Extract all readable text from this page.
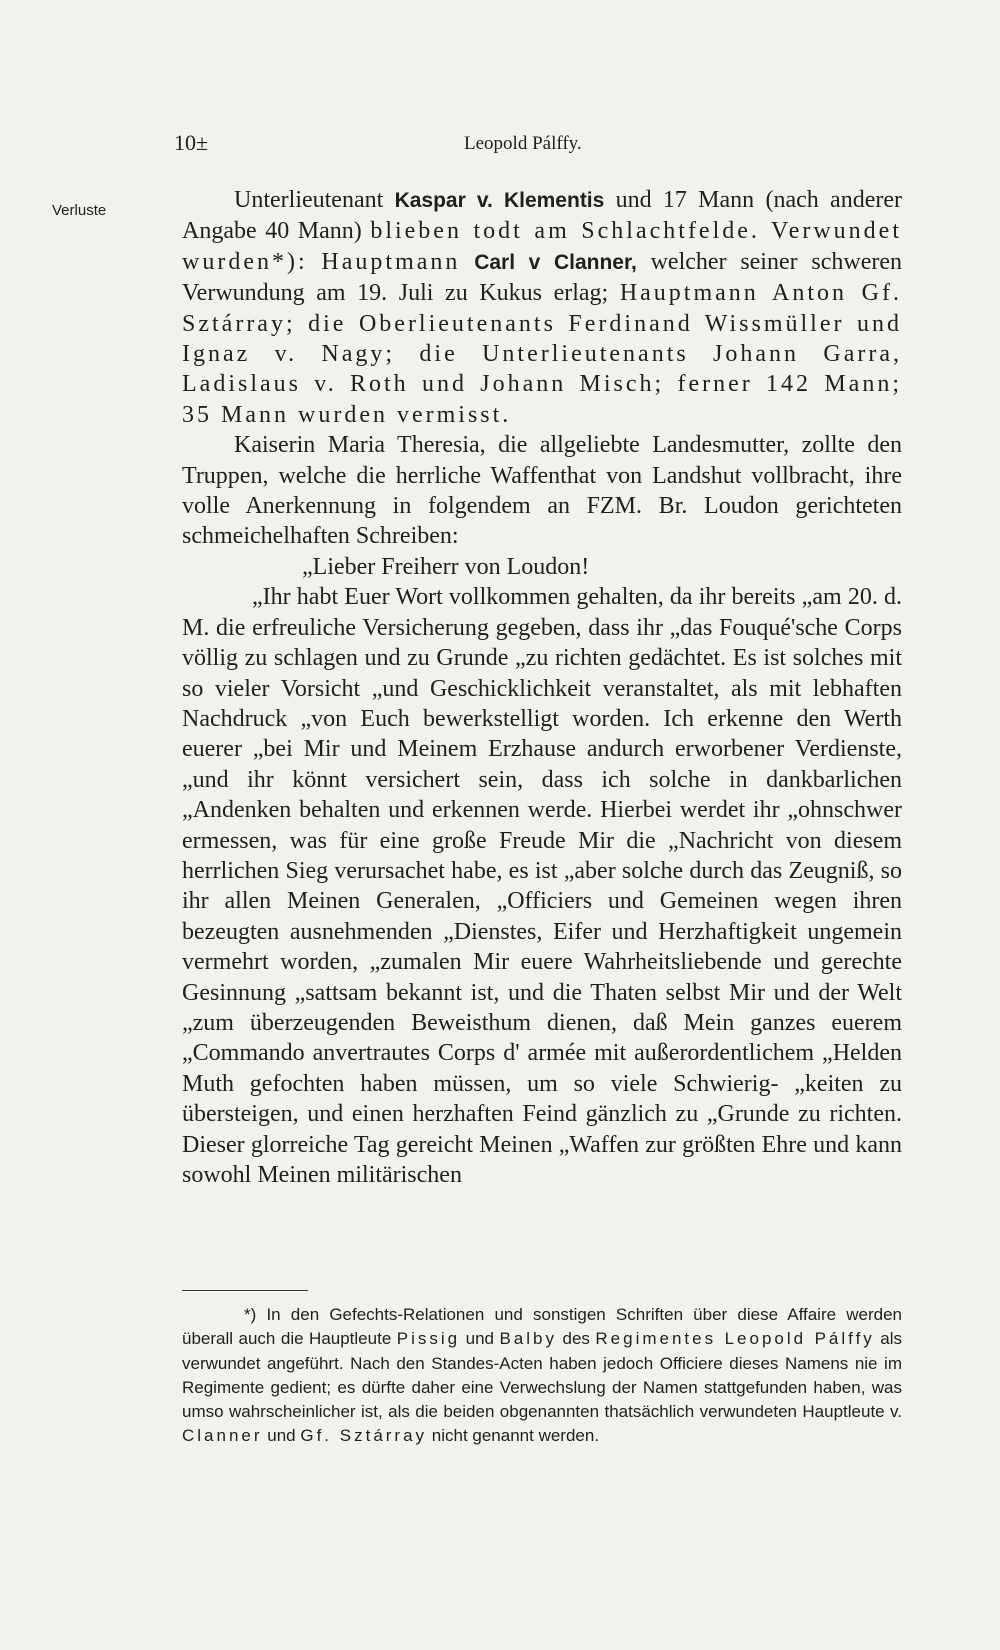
10±	Leopold Pálffy.
Verluste	Unterlieutenant Kaspar v. Klementis und 17 Mann (nach anderer Angabe 40 Mann) blieben todt am Schlachtfelde. Verwundet wurden*): Hauptmann Carl v Clanner, welcher seiner schweren Verwundung am 19. Juli zu Kukus erlag; Hauptmann Anton Gf. Sztárray; die Oberlieutenants Ferdinand Wissmüller und Ignaz v. Nagy; die Unterlieutenants Johann Garra, Ladislaus v. Roth und Johann Misch; ferner 142 Mann; 35 Mann wurden vermisst.

Kaiserin Maria Theresia, die allgeliebte Landesmutter, zollte den Truppen, welche die herrliche Waffenthat von Landshut vollbracht, ihre volle Anerkennung in folgendem an FZM. Br. Loudon gerichteten schmeichelhaften Schreiben:

„Lieber Freiherr von Loudon!

„Ihr habt Euer Wort vollkommen gehalten, da ihr bereits „am 20. d. M. die erfreuliche Versicherung gegeben, dass ihr „das Fouqué'sche Corps völlig zu schlagen und zu Grunde „zu richten gedächtet. Es ist solches mit so vieler Vorsicht „und Geschicklichkeit veranstaltet, als mit lebhaften Nachdruck „von Euch bewerkstelligt worden. Ich erkenne den Werth euerer „bei Mir und Meinem Erzhause andurch erworbener Verdienste, „und ihr könnt versichert sein, dass ich solche in dankbarlichen „Andenken behalten und erkennen werde. Hierbei werdet ihr „ohnschwer ermessen, was für eine große Freude Mir die „Nachricht von diesem herrlichen Sieg verursachet habe, es ist „aber solche durch das Zeugniß, so ihr allen Meinen Generalen, „Officiers und Gemeinen wegen ihren bezeugten ausnehmenden „Dienstes, Eifer und Herzhaftigkeit ungemein vermehrt worden, „zumalen Mir euere Wahrheitsliebende und gerechte Gesinnung „sattsam bekannt ist, und die Thaten selbst Mir und der Welt „zum überzeugenden Beweisthum dienen, daß Mein ganzes euerem „Commando anvertrautes Corps d' armée mit außerordentlichem „Helden Muth gefochten haben müssen, um so viele Schwierig- „keiten zu übersteigen, und einen herzhaften Feind gänzlich zu „Grunde zu richten. Dieser glorreiche Tag gereicht Meinen „Waffen zur größten Ehre und kann sowohl Meinen militärischen

*) In den Gefechts-Relationen und sonstigen Schriften über diese Affaire werden überall auch die Hauptleute Pissig und Balby des Regimentes Leopold Pálffy als verwundet angeführt. Nach den Standes-Acten haben jedoch Officiere dieses Namens nie im Regimente gedient; es dürfte daher eine Verwechslung der Namen stattgefunden haben, was umso wahrscheinlicher ist, als die beiden obgenannten thatsächlich verwundeten Hauptleute v. Clanner und Gf. Sztárray nicht genannt werden.
